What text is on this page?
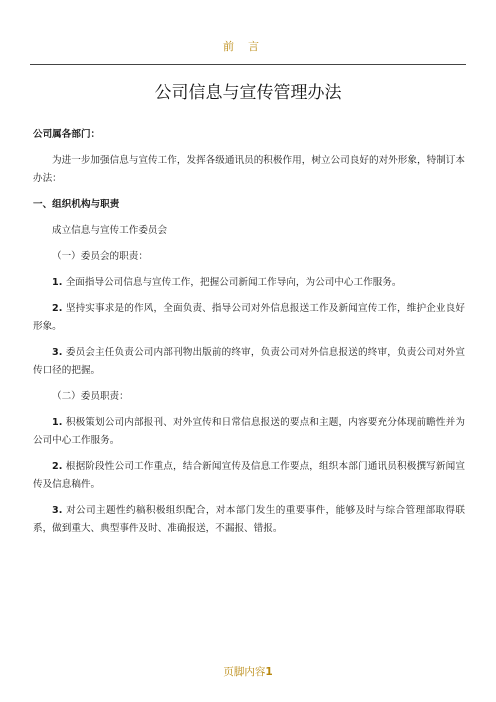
前言
公司信息与宣传管理办法

公司属各部门：

为进一步加强信息与宣传工作，发挥各级通讯员的积极作用，树立公司良好的对外形象，特制订本办法：

一、组织机构与职责

成立信息与宣传工作委员会

（一）委员会的职责：

1. 全面指导公司信息与宣传工作，把握公司新闻工作导向，为公司中心工作服务。

2. 坚持实事求是的作风，全面负责、指导公司对外信息报送工作及新闻宣传工作，维护企业良好形象。

3. 委员会主任负责公司内部刊物出版前的终审，负责公司对外信息报送的终审，负责公司对外宣传口径的把握。

（二）委员职责：

1. 积极策划公司内部报刊、对外宣传和日常信息报送的要点和主题，内容要充分体现前瞻性并为公司中心工作服务。

2. 根据阶段性公司工作重点，结合新闻宣传及信息工作要点，组织本部门通讯员积极撰写新闻宣传及信息稿件。

3. 对公司主题性约稿积极组织配合，对本部门发生的重要事件，能够及时与综合管理部取得联系，做到重大、典型事件及时、准确报送，不漏报、错报。

页脚内容1
